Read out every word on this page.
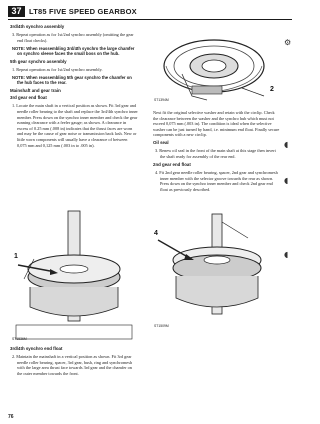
37	LT85 FIVE SPEED GEARBOX
⚙
◖
◖
◖

3rd/4th synchro assembly

3. Repeat operation as for 1st/2nd synchro assembly (omitting the gear end float checks).

NOTE: When reassembling 3rd/4th synchro the large chamfer on synchro sleeve faces the small boss on the hub.

5th gear synchro assembly

1. Repeat operation as for 1st/2nd synchro assembly.

NOTE: When reassembling 5th gear synchro the chamfer on the hub faces to the rear.

Mainshaft and gear train

3rd gear end float

1. Locate the main shaft in a vertical position as shown. Fit 3rd gear and needle roller bearing to the shaft and replace the 3rd/4th synchro inner member. Press down on the synchro inner member and check the gear running clearance with a feeler gauge; as shown. A clearance in excess of 0.25 mm (.008 in) indicates that the thrust faces are worn and may be the cause of gear noise or transmission back lash. New or little worn components will usually have a clearance of between 0,075 mm and 0,125 mm (.003 in to .005 in).

ST1394M
2

Next fit the original selective washer and retain with the circlip. Check the clearance between the washer and the synchro hub which must not exceed 0,075 mm (.003 in). The condition is ideal when the selective washer can be just turned by hand, i.e. minimum end float. Finally secure components with a new circlip.

Oil seal

3. Renew oil seal in the front of the main shaft at this stage then invert the shaft ready for assembly of the rear end.

2nd gear end float

4. Fit 2nd gear needle roller bearing, spacer, 2nd gear and synchromesh inner member with the selector groove towards the rear as shown. Press down on the synchro inner member and check 2nd gear end float as previously described.

1
ST1536M
4
ST1509M

3rd/4th synchro end float

2. Maintain the mainshaft in a vertical position as shown. Fit 3rd gear needle roller bearing, spacer, 3rd gear, bush, ring and synchromesh with the large area thrust face towards 3rd gear and the chamfer on the outer member towards the front.

76
